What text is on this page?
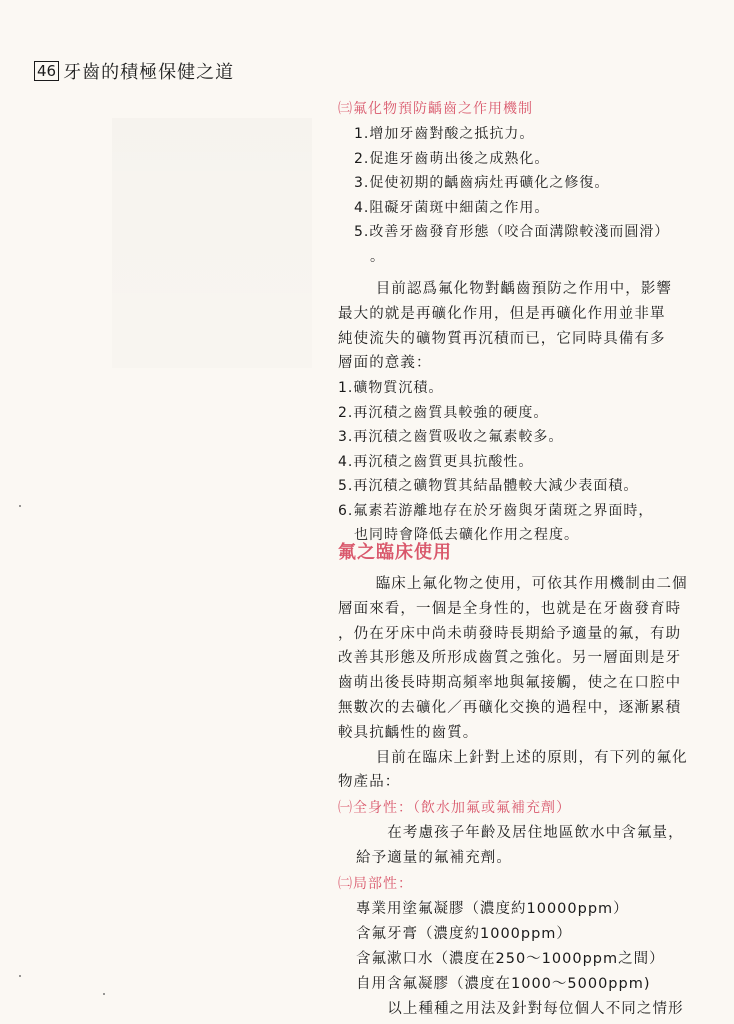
46 牙齒的積極保健之道
㈢氟化物預防齲齒之作用機制
1.增加牙齒對酸之抵抗力。
2.促進牙齒萌出後之成熟化。
3.促使初期的齲齒病灶再礦化之修復。
4.阻礙牙菌斑中細菌之作用。
5.改善牙齒發育形態（咬合面溝隙較淺而圓滑）
。

目前認爲氟化物對齲齒預防之作用中，影響

最大的就是再礦化作用，但是再礦化作用並非單

純使流失的礦物質再沉積而已，它同時具備有多

層面的意義：

1.礦物質沉積。
2.再沉積之齒質具較強的硬度。
3.再沉積之齒質吸收之氟素較多。
4.再沉積之齒質更具抗酸性。
5.再沉積之礦物質其結晶體較大減少表面積。
6.氟素若游離地存在於牙齒與牙菌斑之界面時，
也同時會降低去礦化作用之程度。
氟之臨床使用

臨床上氟化物之使用，可依其作用機制由二個

層面來看，一個是全身性的，也就是在牙齒發育時

，仍在牙床中尚未萌發時長期給予適量的氟，有助

改善其形態及所形成齒質之強化。另一層面則是牙

齒萌出後長時期高頻率地與氟接觸，使之在口腔中

無數次的去礦化／再礦化交換的過程中，逐漸累積

較具抗齲性的齒質。

目前在臨床上針對上述的原則，有下列的氟化

物產品：

㈠全身性：（飲水加氟或氟補充劑）

在考慮孩子年齡及居住地區飲水中含氟量，

給予適量的氟補充劑。

㈡局部性：
專業用塗氟凝膠（濃度約10000ppm）
含氟牙膏（濃度約1000ppm）
含氟漱口水（濃度在250～1000ppm之間）
自用含氟凝膠（濃度在1000～5000ppm)

以上種種之用法及針對每位個人不同之情形
